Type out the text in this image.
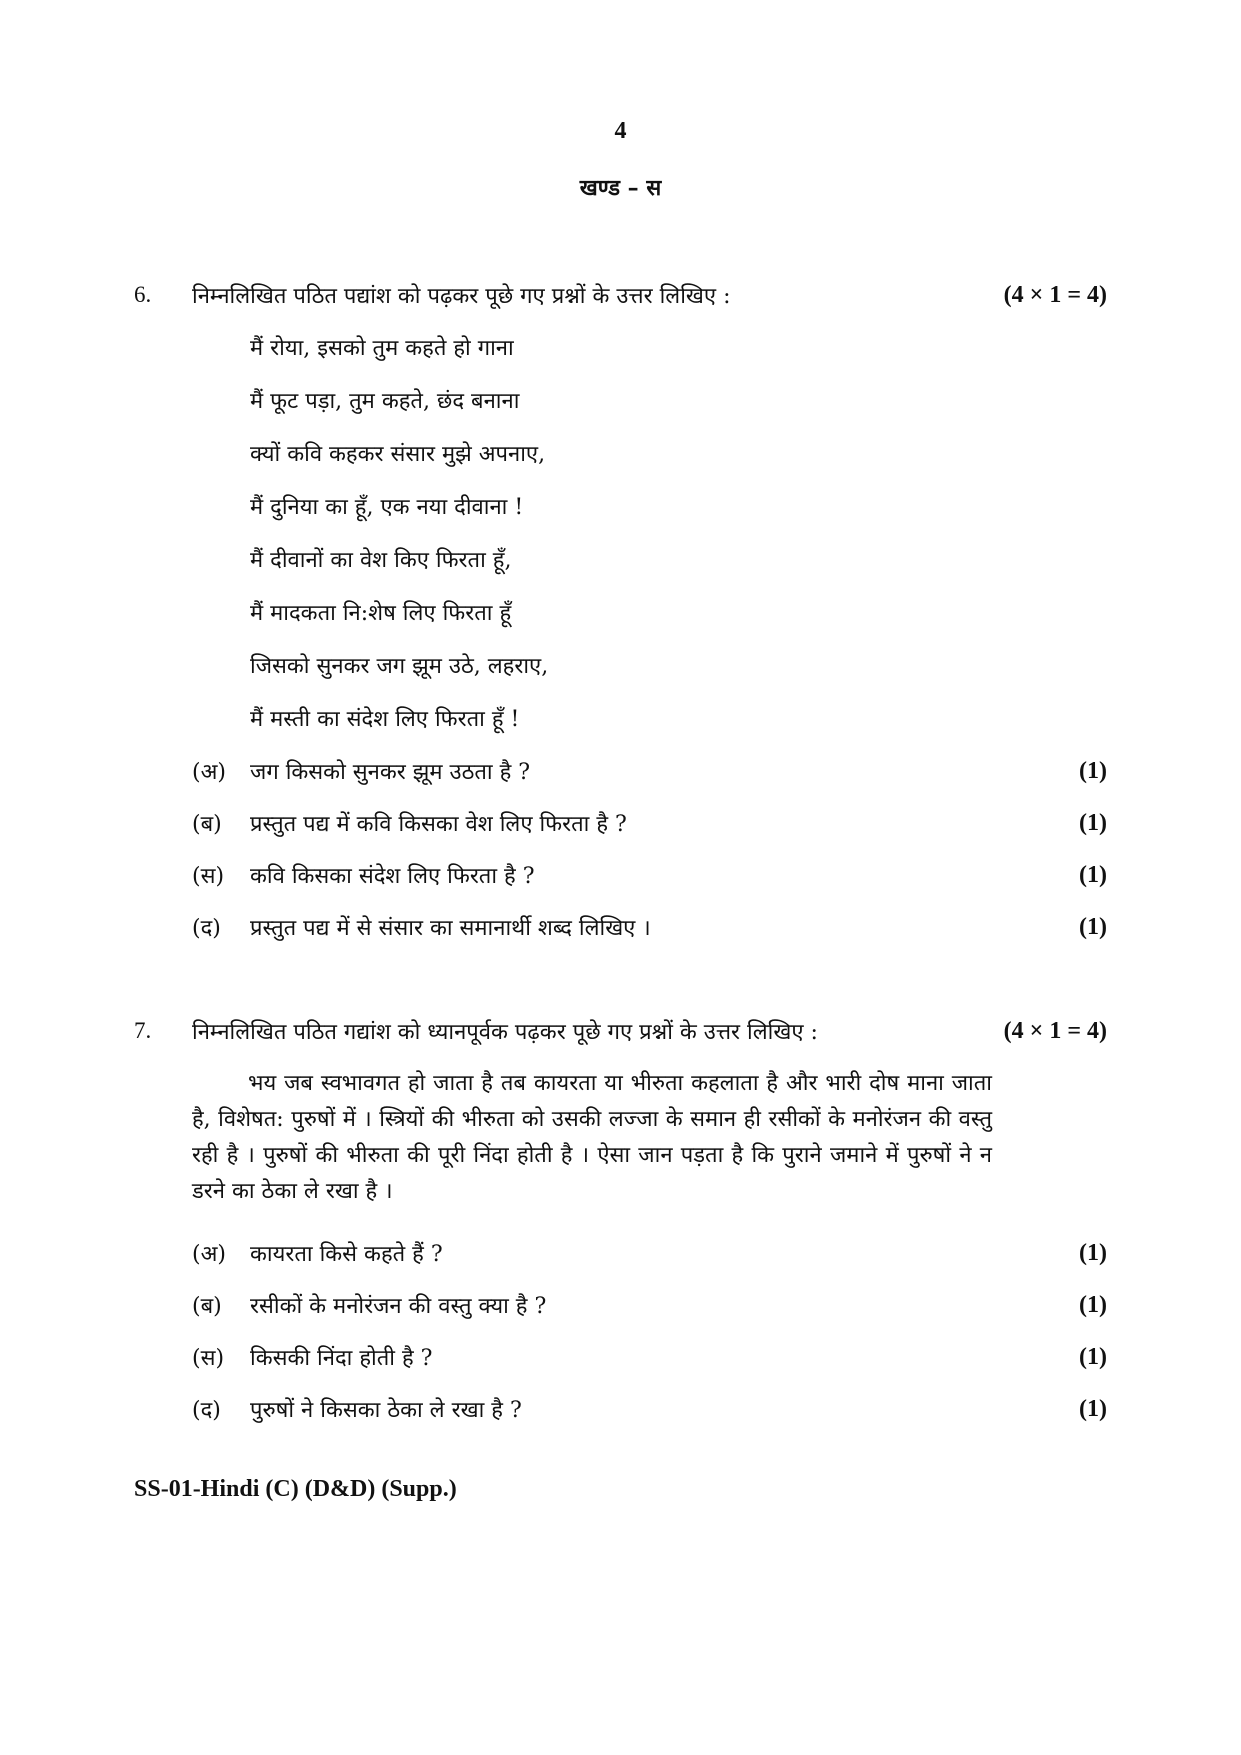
4
खण्ड – स
6. निम्नलिखित पठित पद्यांश को पढ़कर पूछे गए प्रश्नों के उत्तर लिखिए :	(4 × 1 = 4)
मैं रोया, इसको तुम कहते हो गाना
मैं फूट पड़ा, तुम कहते, छंद बनाना
क्यों कवि कहकर संसार मुझे अपनाए,
मैं दुनिया का हूँ, एक नया दीवाना !
मैं दीवानों का वेश किए फिरता हूँ,
मैं मादकता नि:शेष लिए फिरता हूँ
जिसको सुनकर जग झूम उठे, लहराए,
मैं मस्ती का संदेश लिए फिरता हूँ !
(अ) जग किसको सुनकर झूम उठता है ?	(1)
(ब) प्रस्तुत पद्य में कवि किसका वेश लिए फिरता है ?	(1)
(स) कवि किसका संदेश लिए फिरता है ?	(1)
(द) प्रस्तुत पद्य में से संसार का समानार्थी शब्द लिखिए ।	(1)
7. निम्नलिखित पठित गद्यांश को ध्यानपूर्वक पढ़कर पूछे गए प्रश्नों के उत्तर लिखिए :	(4 × 1 = 4)

भय जब स्वभावगत हो जाता है तब कायरता या भीरुता कहलाता है और भारी दोष माना जाता है, विशेषत: पुरुषों में । स्त्रियों की भीरुता को उसकी लज्जा के समान ही रसीकों के मनोरंजन की वस्तु रही है । पुरुषों की भीरुता की पूरी निंदा होती है । ऐसा जान पड़ता है कि पुराने जमाने में पुरुषों ने न डरने का ठेका ले रखा है ।

(अ) कायरता किसे कहते हैं ?	(1)
(ब) रसीकों के मनोरंजन की वस्तु क्या है ?	(1)
(स) किसकी निंदा होती है ?	(1)
(द) पुरुषों ने किसका ठेका ले रखा है ?	(1)
SS-01-Hindi (C) (D&D) (Supp.)
